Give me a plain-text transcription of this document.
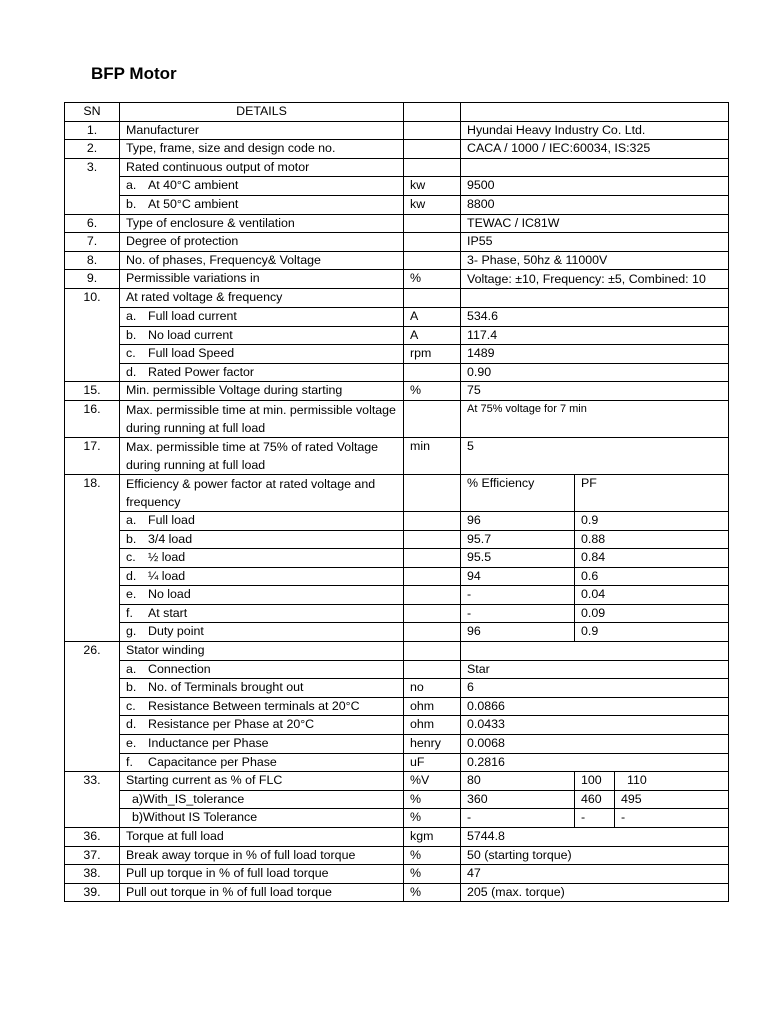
BFP Motor
SN	DETAILS				
1.	Manufacturer		Hyundai Heavy Industry Co. Ltd.		
2.	Type, frame, size and design code no.		CACA / 1000 / IEC:60034, IS:325		
3.	Rated continuous output of motor				
	a. At 40°C ambient	kw	9500		
	b. At 50°C ambient	kw	8800		
6.	Type of enclosure & ventilation		TEWAC / IC81W		
7.	Degree of protection		IP55		
8.	No. of phases, Frequency& Voltage		3- Phase, 50hz & 11000V		
9.	Permissible variations in	%	Voltage: ±10, Frequency: ±5, Combined: 10		
10.	At rated voltage & frequency				
	a. Full load current	A	534.6		
	b. No load current	A	117.4		
	c. Full load Speed	rpm	1489		
	d. Rated Power factor		0.90		
15.	Min. permissible Voltage during starting	%	75		
16.	Max. permissible time at min. permissible voltage during running at full load		At 75% voltage for 7 min		
17.	Max. permissible time at 75% of rated Voltage during running at full load	min	5		
18.	Efficiency & power factor at rated voltage and frequency		% Efficiency	PF	
	a. Full load		96	0.9	
	b. 3/4 load		95.7	0.88	
	c. ½ load		95.5	0.84	
	d. ¼ load		94	0.6	
	e. No load		-	0.04	
	f. At start		-	0.09	
	g. Duty point		96	0.9	
26.	Stator winding				
	a. Connection		Star		
	b. No. of Terminals brought out	no	6		
	c. Resistance Between terminals at 20°C	ohm	0.0866		
	d. Resistance per Phase at 20°C	ohm	0.0433		
	e. Inductance per Phase	henry	0.0068		
	f. Capacitance per Phase	uF	0.2816		
33.	Starting current as % of FLC	%V	80	100	110
	a)With_IS_tolerance	%	360	460	495
	b)Without IS Tolerance	%	-	-	-
36.	Torque at full load	kgm	5744.8		
37.	Break away torque in % of full load torque	%	50 (starting torque)		
38.	Pull up torque in % of full load torque	%	47		
39.	Pull out torque in % of full load torque	%	205 (max. torque)		
